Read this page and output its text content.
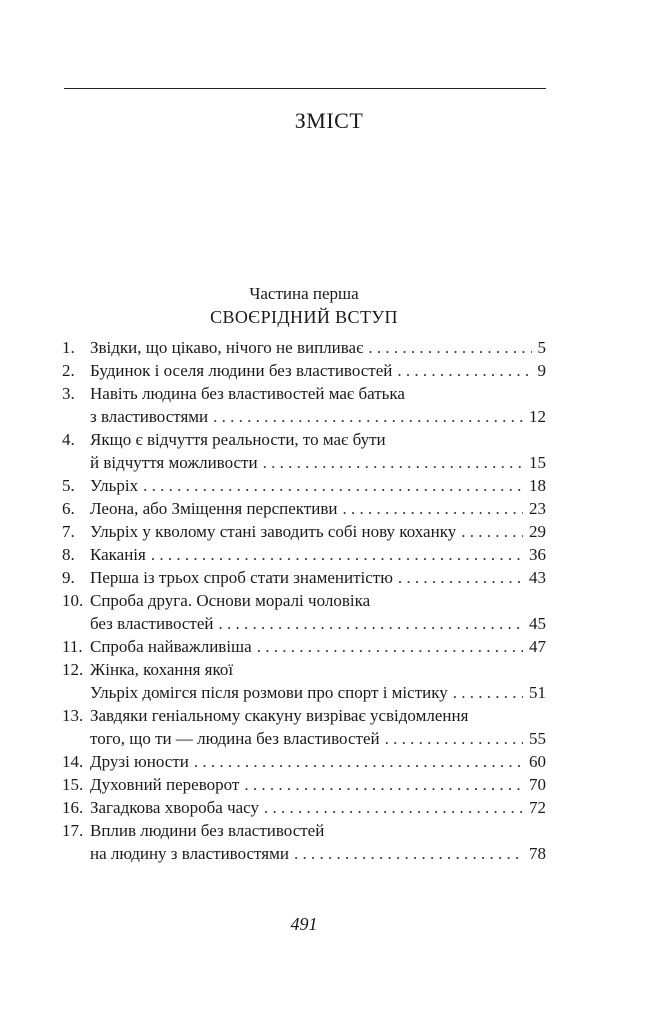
ЗМІСТ
Частина перша
СВОЄРІДНИЙ ВСТУП
1. Звідки, що цікаво, нічого не випливає . . .	5
2. Будинок і оселя людини без властивостей . . .	9
3. Навіть людина без властивостей має батька
з властивостями . . .	12
4. Якщо є відчуття реальности, то має бути
й відчуття можливости . . .	15
5. Ульріх . . .	18
6. Леона, або Зміщення перспективи . . .	23
7. Ульріх у кволому стані заводить собі нову коханку . . .	29
8. Каканія . . .	36
9. Перша із трьох спроб стати знаменитістю . . .	43
10. Спроба друга. Основи моралі чоловіка
без властивостей . . .	45
11. Спроба найважливіша . . .	47
12. Жінка, кохання якої
Ульріх домігся після розмови про спорт і містику . . .	51
13. Завдяки геніальному скакуну визріває усвідомлення
того, що ти — людина без властивостей . . .	55
14. Друзі юности . . .	60
15. Духовний переворот . . .	70
16. Загадкова хвороба часу . . .	72
17. Вплив людини без властивостей
на людину з властивостями . . .	78
491
